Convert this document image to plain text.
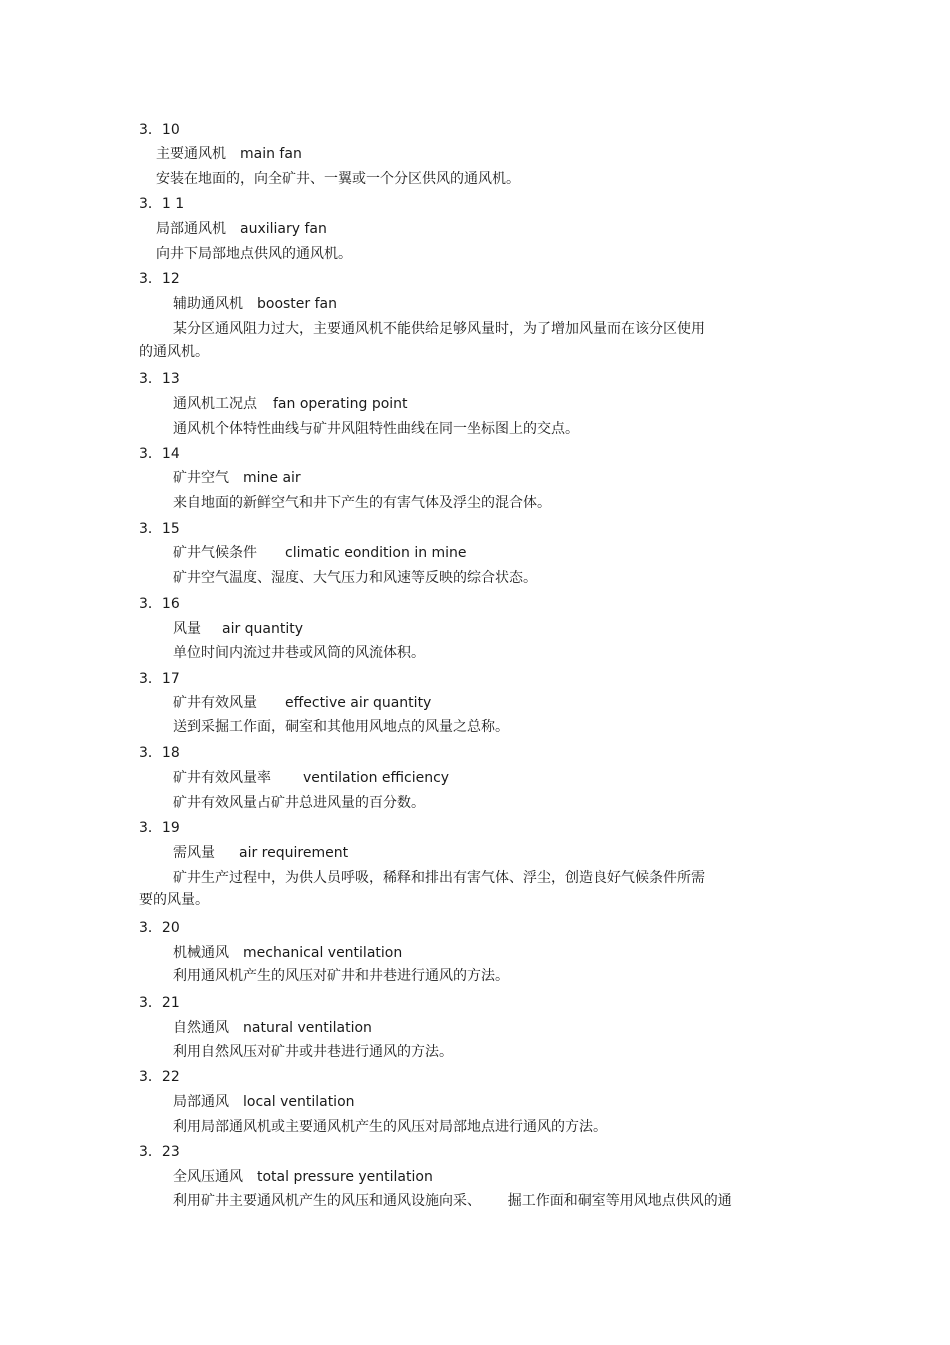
3．10
主要通风机 main fan
安装在地面的，向全矿井、一翼或一个分区供风的通风机。
3．1 1
局部通风机 auxiliary fan
向井下局部地点供风的通风机。
3．12
辅助通风机 booster fan
某分区通风阻力过大，主要通风机不能供给足够风量时，为了增加风量而在该分区使用
的通风机。
3．13
通风机工况点 fan operating point
通风机个体特性曲线与矿井风阻特性曲线在同一坐标图上的交点。
3．14
矿井空气 mine air
来自地面的新鲜空气和井下产生的有害气体及浮尘的混合体。
3．15
矿井气候条件 climatic eondition in mine
矿井空气温度、湿度、大气压力和风速等反映的综合状态。
3．16
风量 air quantity
单位时间内流过井巷或风筒的风流体积。
3．17
矿井有效风量 effective air quantity
送到采掘工作面，硐室和其他用风地点的风量之总称。
3．18
矿井有效风量率 ventilation efficiency
矿井有效风量占矿井总进风量的百分数。
3．19
需风量 air requirement
矿井生产过程中，为供人员呼吸，稀释和排出有害气体、浮尘，创造良好气候条件所需
要的风量。
3．20
机械通风 mechanical ventilation
利用通风机产生的风压对矿井和井巷进行通风的方法。
3．21
自然通风 natural ventilation
利用自然风压对矿井或井巷进行通风的方法。
3．22
局部通风 local ventilation
利用局部通风机或主要通风机产生的风压对局部地点进行通风的方法。
3．23
全风压通风 total pressure yentilation
利用矿井主要通风机产生的风压和通风设施向采、      掘工作面和硐室等用风地点供风的通
